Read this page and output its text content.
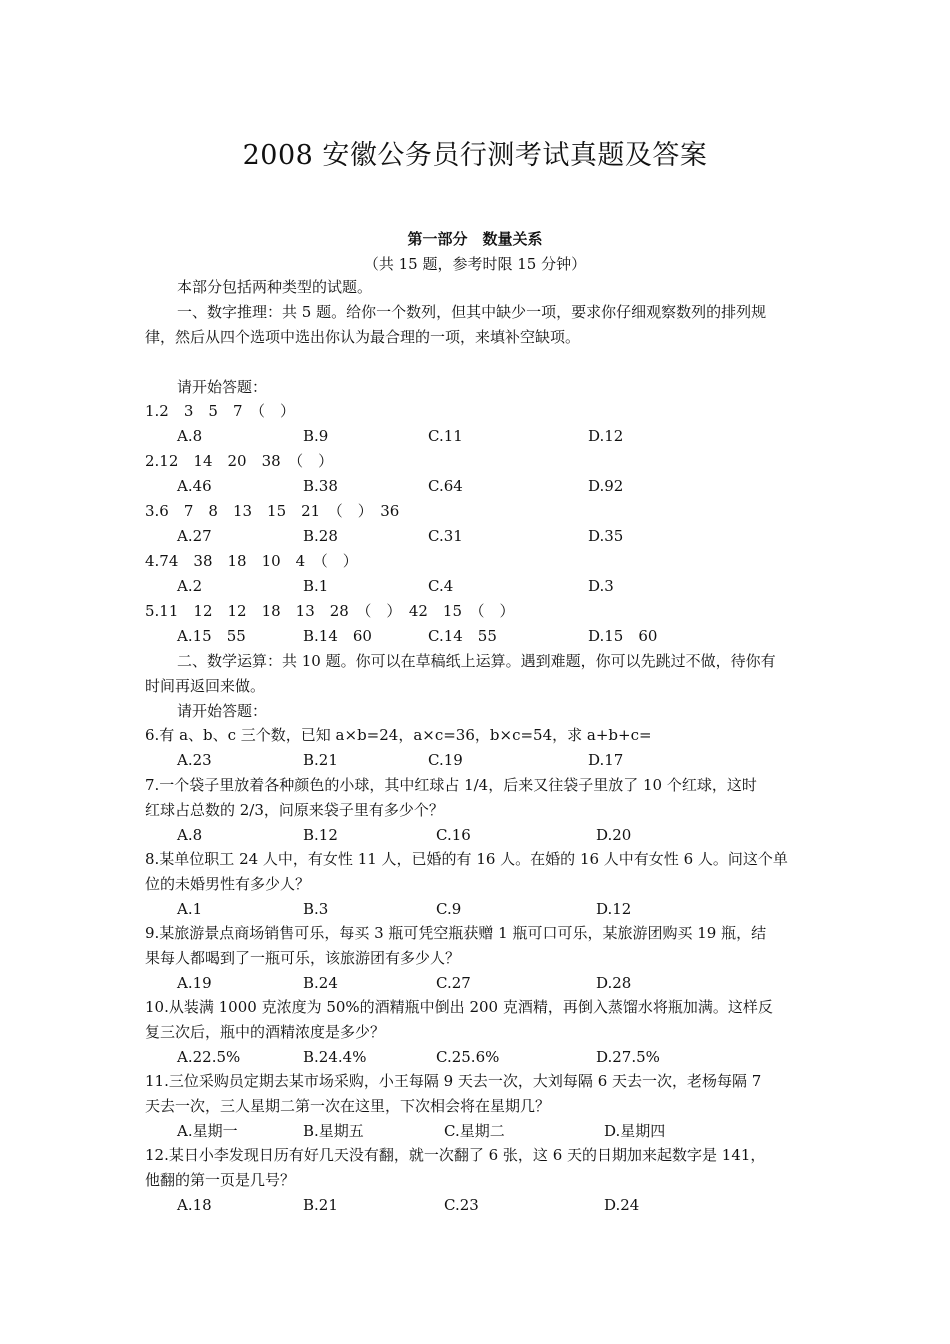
2008 安徽公务员行测考试真题及答案
第一部分　数量关系
（共 15 题，参考时限 15 分钟）
本部分包括两种类型的试题。
一、数字推理：共 5 题。给你一个数列，但其中缺少一项，要求你仔细观察数列的排列规
律，然后从四个选项中选出你认为最合理的一项，来填补空缺项。
请开始答题：
1.2　3　5　7　（　）
A.8	B.9	C.11	D.12
2.12　14　20　38　（　）
A.46	B.38	C.64	D.92
3.6　7　8　13　15　21　（　）　36
A.27	B.28	C.31	D.35
4.74　38　18　10　4　（　）
A.2	B.1	C.4	D.3
5.11　12　12　18　13　28　（　）　42　15　（　）
A.15　55	B.14　60	C.14　55	D.15　60
6.有 a、b、c 三个数，已知 a×b=24，a×c=36，b×c=54，求 a+b+c=
A.23	B.21	C.19	D.17
7.一个袋子里放着各种颜色的小球，其中红球占 1/4，后来又往袋子里放了 10 个红球，这时
红球占总数的 2/3，问原来袋子里有多少个？
A.8	B.12	C.16	D.20
8.某单位职工 24 人中，有女性 11 人，已婚的有 16 人。在婚的 16 人中有女性 6 人。问这个单
位的未婚男性有多少人？
A.1	B.3	C.9	D.12
9.某旅游景点商场销售可乐，每买 3 瓶可凭空瓶获赠 1 瓶可口可乐，某旅游团购买 19 瓶，结
果每人都喝到了一瓶可乐，该旅游团有多少人？
A.19	B.24	C.27	D.28
10.从装满 1000 克浓度为 50%的酒精瓶中倒出 200 克酒精，再倒入蒸馏水将瓶加满。这样反
复三次后，瓶中的酒精浓度是多少？
A.22.5%	B.24.4%	C.25.6%	D.27.5%
11.三位采购员定期去某市场采购，小王每隔 9 天去一次，大刘每隔 6 天去一次，老杨每隔 7
天去一次，三人星期二第一次在这里，下次相会将在星期几？
A.星期一	B.星期五	C.星期二	D.星期四
12.某日小李发现日历有好几天没有翻，就一次翻了 6 张，这 6 天的日期加来起数字是 141，
他翻的第一页是几号？
A.18	B.21	C.23	D.24
二、数学运算：共 10 题。你可以在草稿纸上运算。遇到难题，你可以先跳过不做，待你有
时间再返回来做。
请开始答题：
